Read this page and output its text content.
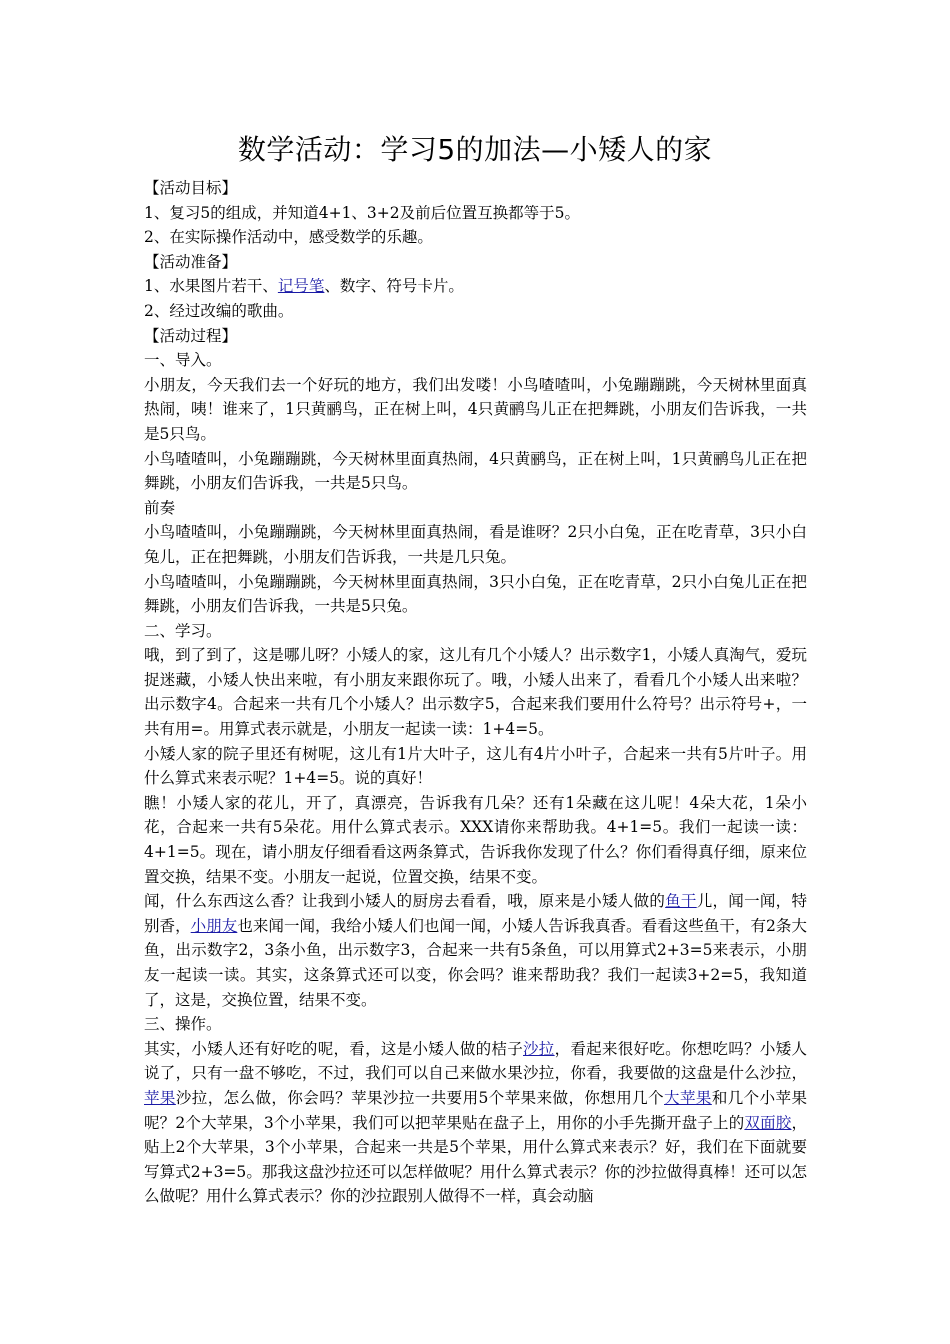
数学活动：学习5的加法—小矮人的家

【活动目标】

1、复习5的组成，并知道4+1、3+2及前后位置互换都等于5。

2、在实际操作活动中，感受数学的乐趣。

【活动准备】

1、水果图片若干、记号笔、数字、符号卡片。

2、经过改编的歌曲。

【活动过程】

一、导入。

小朋友，今天我们去一个好玩的地方，我们出发喽！小鸟喳喳叫，小兔蹦蹦跳，今天树林里面真热闹，咦！谁来了，1只黄鹂鸟，正在树上叫，4只黄鹂鸟儿正在把舞跳，小朋友们告诉我，一共是5只鸟。

小鸟喳喳叫，小兔蹦蹦跳，今天树林里面真热闹，4只黄鹂鸟，正在树上叫，1只黄鹂鸟儿正在把舞跳，小朋友们告诉我，一共是5只鸟。

前奏

小鸟喳喳叫，小兔蹦蹦跳，今天树林里面真热闹，看是谁呀？2只小白兔，正在吃青草，3只小白兔儿，正在把舞跳，小朋友们告诉我，一共是几只兔。

小鸟喳喳叫，小兔蹦蹦跳，今天树林里面真热闹，3只小白兔，正在吃青草，2只小白兔儿正在把舞跳，小朋友们告诉我，一共是5只兔。

二、学习。

哦，到了到了，这是哪儿呀？小矮人的家，这儿有几个小矮人？出示数字1，小矮人真淘气，爱玩捉迷藏，小矮人快出来啦，有小朋友来跟你玩了。哦，小矮人出来了，看看几个小矮人出来啦？出示数字4。合起来一共有几个小矮人？出示数字5，合起来我们要用什么符号？出示符号+，一共有用=。用算式表示就是，小朋友一起读一读：1+4=5。

小矮人家的院子里还有树呢，这儿有1片大叶子，这儿有4片小叶子，合起来一共有5片叶子。用什么算式来表示呢？1+4=5。说的真好！

瞧！小矮人家的花儿，开了，真漂亮，告诉我有几朵？还有1朵藏在这儿呢！4朵大花，1朵小花，合起来一共有5朵花。用什么算式表示。XXX请你来帮助我。4+1=5。我们一起读一读：4+1=5。现在，请小朋友仔细看看这两条算式，告诉我你发现了什么？你们看得真仔细，原来位置交换，结果不变。小朋友一起说，位置交换，结果不变。

闻，什么东西这么香？让我到小矮人的厨房去看看，哦，原来是小矮人做的鱼干儿，闻一闻，特别香，小朋友也来闻一闻，我给小矮人们也闻一闻，小矮人告诉我真香。看看这些鱼干，有2条大鱼，出示数字2，3条小鱼，出示数字3，合起来一共有5条鱼，可以用算式2+3=5来表示，小朋友一起读一读。其实，这条算式还可以变，你会吗？谁来帮助我？我们一起读3+2=5，我知道了，这是，交换位置，结果不变。

三、操作。

其实，小矮人还有好吃的呢，看，这是小矮人做的桔子沙拉，看起来很好吃。你想吃吗？小矮人说了，只有一盘不够吃，不过，我们可以自己来做水果沙拉，你看，我要做的这盘是什么沙拉，苹果沙拉，怎么做，你会吗？苹果沙拉一共要用5个苹果来做，你想用几个大苹果和几个小苹果呢？2个大苹果，3个小苹果，我们可以把苹果贴在盘子上，用你的小手先撕开盘子上的双面胶，贴上2个大苹果，3个小苹果，合起来一共是5个苹果，用什么算式来表示？好，我们在下面就要写算式2+3=5。那我这盘沙拉还可以怎样做呢？用什么算式表示？你的沙拉做得真棒！还可以怎么做呢？用什么算式表示？你的沙拉跟别人做得不一样，真会动脑
